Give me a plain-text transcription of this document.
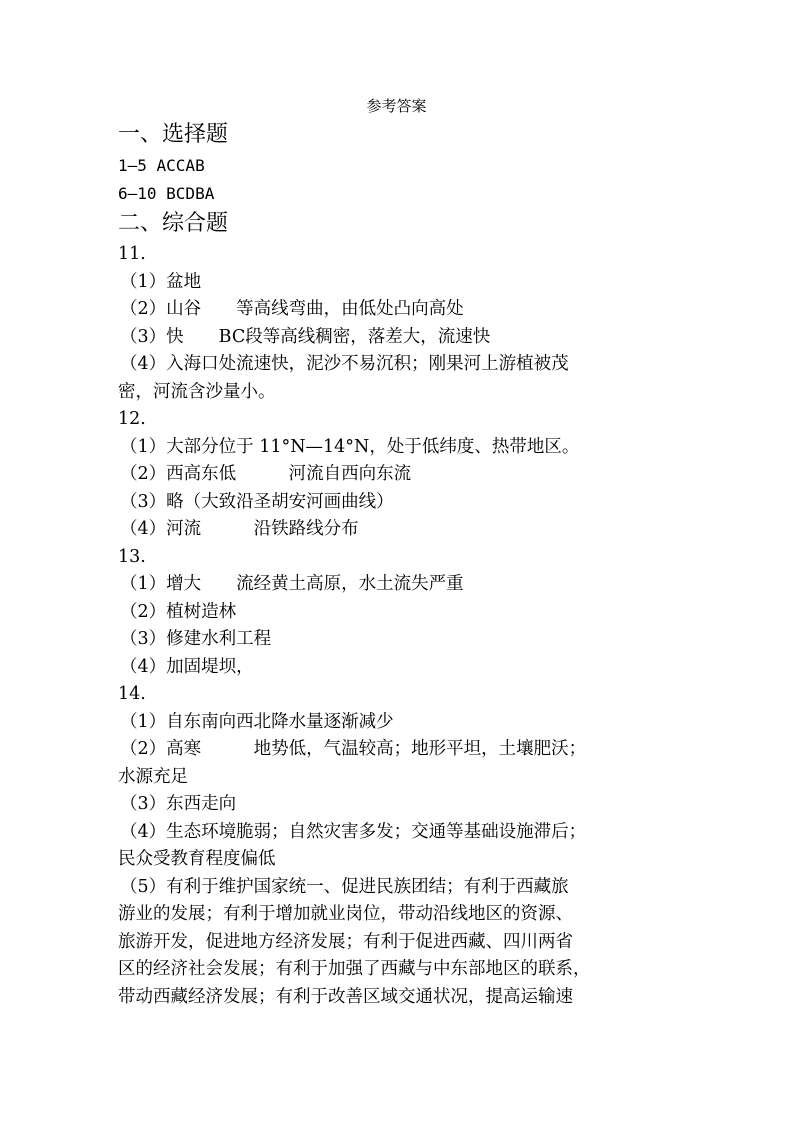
参考答案
一、选择题
1—5 ACCAB
6—10 BCDBA
二、综合题
11.
（1）盆地
（2）山谷　　等高线弯曲，由低处凸向高处
（3）快　　BC段等高线稠密，落差大，流速快
（4）入海口处流速快，泥沙不易沉积；刚果河上游植被茂
密，河流含沙量小。
12.
（1）大部分位于 11°N—14°N，处于低纬度、热带地区。
（2）西高东低　　　河流自西向东流
（3）略（大致沿圣胡安河画曲线）
（4）河流　　　沿铁路线分布
13.
（1）增大　　流经黄土高原，水土流失严重
（2）植树造林
（3）修建水利工程
（4）加固堤坝，
14.
（1）自东南向西北降水量逐渐减少
（2）高寒　　　地势低，气温较高；地形平坦，土壤肥沃；
水源充足
（3）东西走向
（4）生态环境脆弱；自然灾害多发；交通等基础设施滞后；
民众受教育程度偏低
（5）有利于维护国家统一、促进民族团结；有利于西藏旅
游业的发展；有利于增加就业岗位，带动沿线地区的资源、
旅游开发，促进地方经济发展；有利于促进西藏、四川两省
区的经济社会发展；有利于加强了西藏与中东部地区的联系，
带动西藏经济发展；有利于改善区域交通状况，提高运输速
